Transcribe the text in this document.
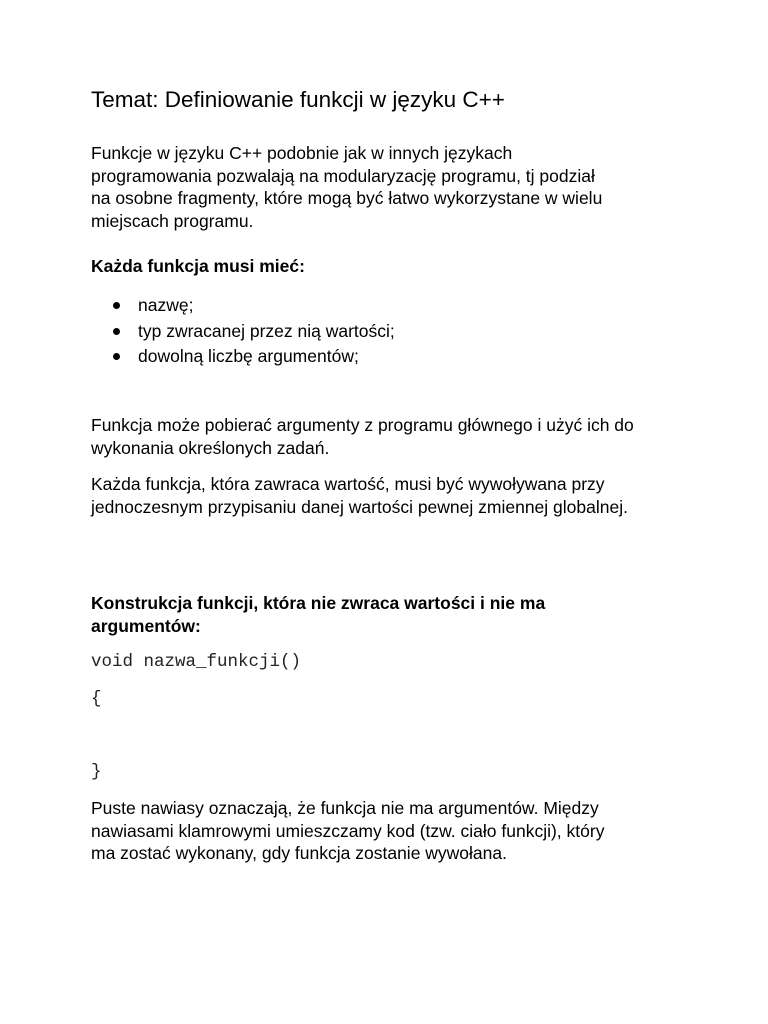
Temat: Definiowanie funkcji w języku C++

Funkcje w języku C++ podobnie jak w innych językach programowania pozwalają na modularyzację programu, tj podział na osobne fragmenty, które mogą być łatwo wykorzystane w wielu miejscach programu.

Każda funkcja musi mieć:

nazwę;
typ zwracanej przez nią wartości;
dowolną liczbę argumentów;

Funkcja może pobierać argumenty z programu głównego i użyć ich do wykonania określonych zadań.

Każda funkcja, która zawraca wartość, musi być wywoływana przy jednoczesnym przypisaniu danej wartości pewnej zmiennej globalnej.

Konstrukcja funkcji, która nie zwraca wartości i nie ma argumentów:

void nazwa_funkcji()
{
}

Puste nawiasy oznaczają, że funkcja nie ma argumentów. Między nawiasami klamrowymi umieszczamy kod (tzw. ciało funkcji), który ma zostać wykonany, gdy funkcja zostanie wywołana.
